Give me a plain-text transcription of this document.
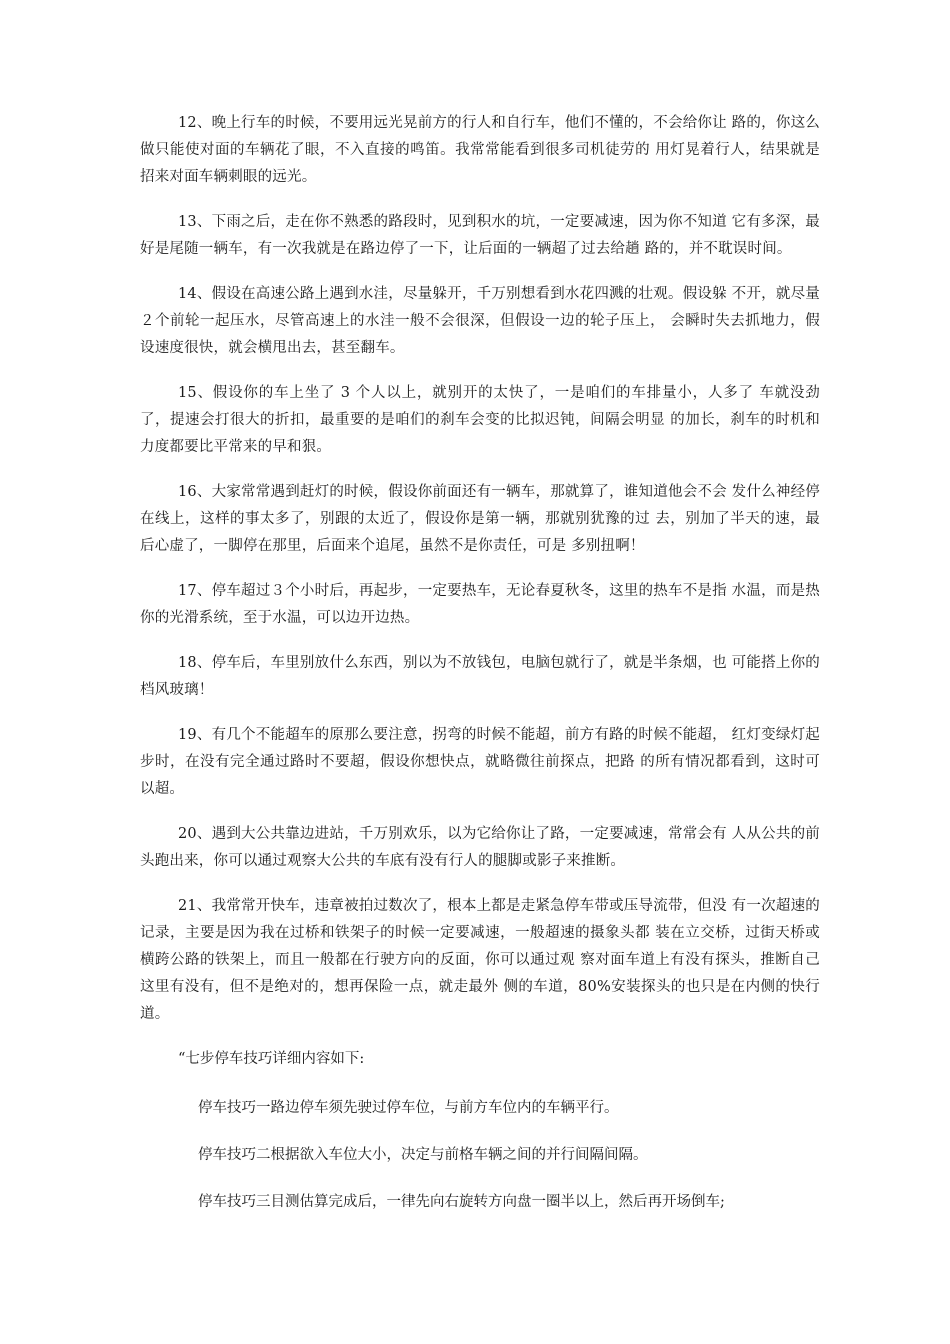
12、晚上行车的时候，不要用远光晃前方的行人和自行车，他们不懂的，不会给你让 路的，你这么做只能使对面的车辆花了眼，不入直接的鸣笛。我常常能看到很多司机徒劳的 用灯晃着行人，结果就是招来对面车辆刺眼的远光。

13、下雨之后，走在你不熟悉的路段时，见到积水的坑，一定要减速，因为你不知道 它有多深，最好是尾随一辆车，有一次我就是在路边停了一下，让后面的一辆超了过去给趟 路的，并不耽误时间。

14、假设在高速公路上遇到水洼，尽量躲开，千万别想看到水花四溅的壮观。假设躲 不开，就尽量２个前轮一起压水，尽管高速上的水洼一般不会很深，但假设一边的轮子压上， 会瞬时失去抓地力，假设速度很快，就会横甩出去，甚至翻车。

15、假设你的车上坐了 3 个人以上，就别开的太快了，一是咱们的车排量小，人多了 车就没劲了，提速会打很大的折扣，最重要的是咱们的刹车会变的比拟迟钝，间隔会明显 的加长，刹车的时机和力度都要比平常来的早和狠。

16、大家常常遇到赶灯的时候，假设你前面还有一辆车，那就算了，谁知道他会不会 发什么神经停在线上，这样的事太多了，别跟的太近了，假设你是第一辆，那就别犹豫的过 去，别加了半天的速，最后心虚了，一脚停在那里，后面来个追尾，虽然不是你责任，可是 多别扭啊！

17、停车超过３个小时后，再起步，一定要热车，无论春夏秋冬，这里的热车不是指 水温，而是热你的光滑系统，至于水温，可以边开边热。

18、停车后，车里别放什么东西，别以为不放钱包，电脑包就行了，就是半条烟，也 可能搭上你的档风玻璃！

19、有几个不能超车的原那么要注意，拐弯的时候不能超，前方有路的时候不能超， 红灯变绿灯起步时，在没有完全通过路时不要超，假设你想快点，就略微往前探点，把路 的所有情况都看到，这时可以超。

20、遇到大公共靠边进站，千万别欢乐，以为它给你让了路，一定要减速，常常会有 人从公共的前头跑出来，你可以通过观察大公共的车底有没有行人的腿脚或影子来推断。

21、我常常开快车，违章被拍过数次了，根本上都是走紧急停车带或压导流带，但没 有一次超速的记录，主要是因为我在过桥和铁架子的时候一定要减速，一般超速的摄象头都 装在立交桥，过街天桥或横跨公路的铁架上，而且一般都在行驶方向的反面，你可以通过观 察对面车道上有没有探头，推断自己这里有没有，但不是绝对的，想再保险一点，就走最外 侧的车道，80%安装探头的也只是在内侧的快行道。

“七步停车技巧详细内容如下:

停车技巧一路边停车须先驶过停车位，与前方车位内的车辆平行。

停车技巧二根据欲入车位大小，决定与前格车辆之间的并行间隔间隔。

停车技巧三目测估算完成后，一律先向右旋转方向盘一圈半以上，然后再开场倒车;
